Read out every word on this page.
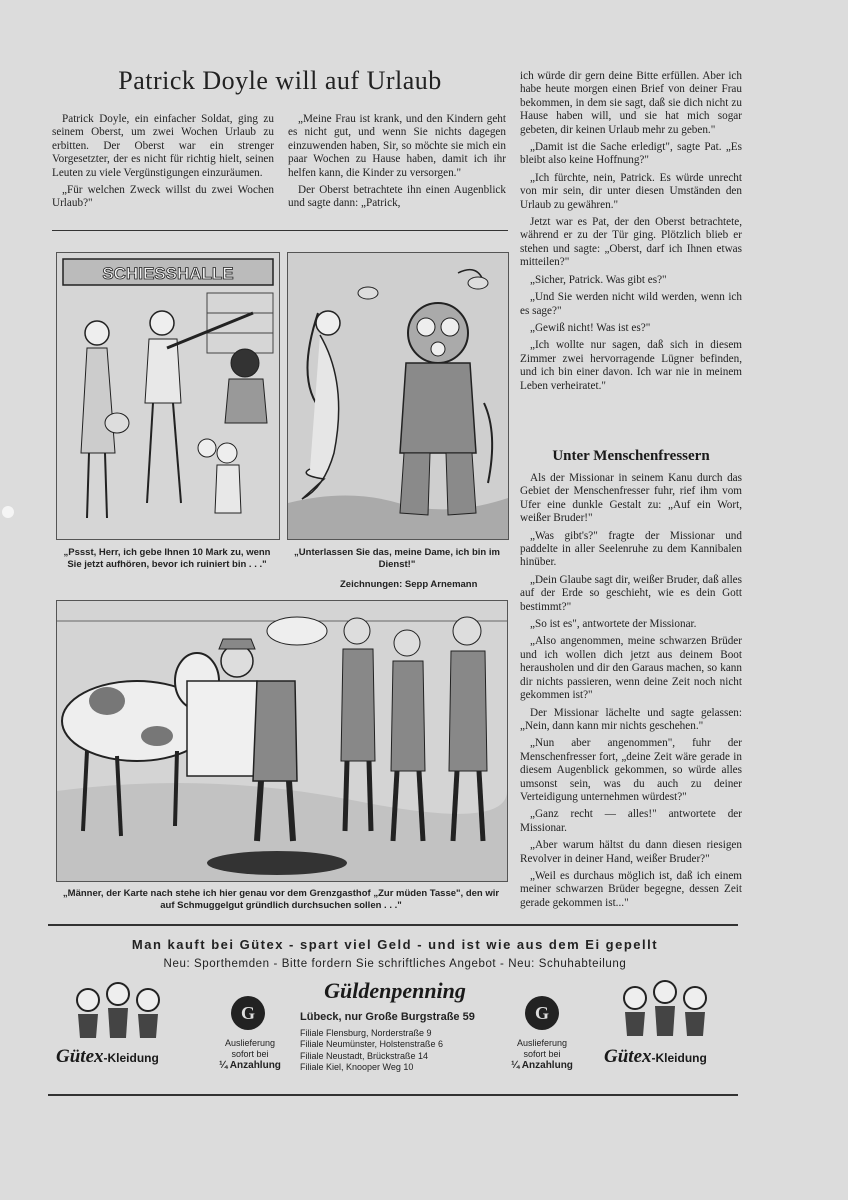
Patrick Doyle will auf Urlaub

Patrick Doyle, ein einfacher Soldat, ging zu seinem Oberst, um zwei Wochen Urlaub zu erbitten. Der Oberst war ein strenger Vorgesetzter, der es nicht für richtig hielt, seinen Leuten zu viele Vergünstigungen einzuräumen.

„Für welchen Zweck willst du zwei Wochen Urlaub?"

„Meine Frau ist krank, und den Kindern geht es nicht gut, und wenn Sie nichts dagegen einzuwenden haben, Sir, so möchte sie mich ein paar Wochen zu Hause haben, damit ich ihr helfen kann, die Kinder zu versorgen."

Der Oberst betrachtete ihn einen Augenblick und sagte dann: „Patrick,

ich würde dir gern deine Bitte erfüllen. Aber ich habe heute morgen einen Brief von deiner Frau bekommen, in dem sie sagt, daß sie dich nicht zu Hause haben will, und sie hat mich sogar gebeten, dir keinen Urlaub mehr zu geben."

„Damit ist die Sache erledigt", sagte Pat. „Es bleibt also keine Hoffnung?"

„Ich fürchte, nein, Patrick. Es würde unrecht von mir sein, dir unter diesen Umständen den Urlaub zu gewähren."

Jetzt war es Pat, der den Oberst betrachtete, während er zu der Tür ging. Plötzlich blieb er stehen und sagte: „Oberst, darf ich Ihnen etwas mitteilen?"

„Sicher, Patrick. Was gibt es?"

„Und Sie werden nicht wild werden, wenn ich es sage?"

„Gewiß nicht! Was ist es?"

„Ich wollte nur sagen, daß sich in diesem Zimmer zwei hervorragende Lügner befinden, und ich bin einer davon. Ich war nie in meinem Leben verheiratet."

Unter Menschenfressern

Als der Missionar in seinem Kanu durch das Gebiet der Menschenfresser fuhr, rief ihm vom Ufer eine dunkle Gestalt zu: „Auf ein Wort, weißer Bruder!"

„Was gibt's?" fragte der Missionar und paddelte in aller Seelenruhe zu dem Kannibalen hinüber.

„Dein Glaube sagt dir, weißer Bruder, daß alles auf der Erde so geschieht, wie es dein Gott bestimmt?"

„So ist es", antwortete der Missionar.

„Also angenommen, meine schwarzen Brüder und ich wollen dich jetzt aus deinem Boot herausholen und dir den Garaus machen, so kann dir nichts passieren, wenn deine Zeit noch nicht gekommen ist?"

Der Missionar lächelte und sagte gelassen: „Nein, dann kann mir nichts geschehen."

„Nun aber angenommen", fuhr der Menschenfresser fort, „deine Zeit wäre gerade in diesem Augenblick gekommen, so würde alles umsonst sein, was du auch zu deiner Verteidigung unternehmen würdest?"

„Ganz recht — alles!" antwortete der Missionar.

„Aber warum hältst du dann diesen riesigen Revolver in deiner Hand, weißer Bruder?"

„Weil es durchaus möglich ist, daß ich einem meiner schwarzen Brüder begegne, dessen Zeit gerade gekommen ist..."

SCHIESSHALLE
„Pssst, Herr, ich gebe Ihnen 10 Mark zu, wenn Sie jetzt aufhören, bevor ich ruiniert bin . . ."
„Unterlassen Sie das, meine Dame, ich bin im Dienst!"
Zeichnungen: Sepp Arnemann
„Männer, der Karte nach stehe ich hier genau vor dem Grenzgasthof „Zur müden Tasse", den wir auf Schmuggelgut gründlich durchsuchen sollen . . ."
Man kauft bei Gütex - spart viel Geld - und ist wie aus dem Ei gepellt
Neu: Sporthemden - Bitte fordern Sie schriftliches Angebot - Neu: Schuhabteilung
Gütex-Kleidung
G
Auslieferung
sofort bei
¼ Anzahlung
Güldenpenning
Lübeck, nur Große Burgstraße 59
Filiale Flensburg, Norderstraße 9
Filiale Neumünster, Holstenstraße 6
Filiale Neustadt, Brückstraße 14
Filiale Kiel, Knooper Weg 10
G
Auslieferung
sofort bei
¼ Anzahlung	Gütex-Kleidung
